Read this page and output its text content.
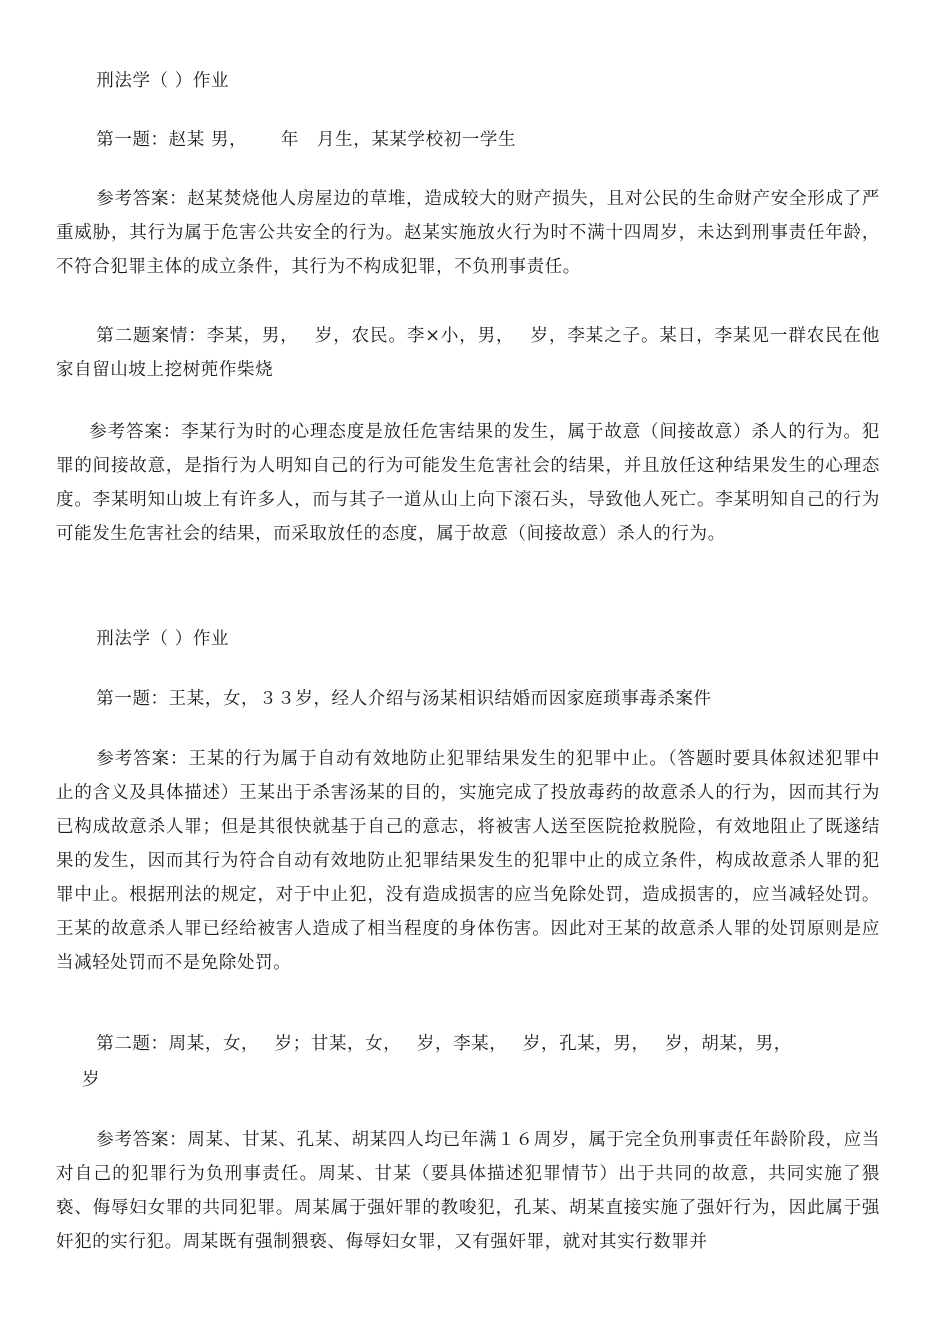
刑法学（ ）作业
第一题：赵某 男，　　 年　月生，某某学校初一学生
参考答案：赵某焚烧他人房屋边的草堆，造成较大的财产损失，且对公民的生命财产安全形成了严重威胁，其行为属于危害公共安全的行为。赵某实施放火行为时不满十四周岁，未达到刑事责任年龄，不符合犯罪主体的成立条件，其行为不构成犯罪，不负刑事责任。
第二题案情：李某，男，　 岁，农民。李×小，男，　 岁，李某之子。某日，李某见一群农民在他家自留山坡上挖树蔸作柴烧
参考答案：李某行为时的心理态度是放任危害结果的发生，属于故意（间接故意）杀人的行为。犯罪的间接故意，是指行为人明知自己的行为可能发生危害社会的结果，并且放任这种结果发生的心理态度。李某明知山坡上有许多人，而与其子一道从山上向下滚石头，导致他人死亡。李某明知自己的行为可能发生危害社会的结果，而采取放任的态度，属于故意（间接故意）杀人的行为。
刑法学（ ）作业
第一题：王某，女，３３岁，经人介绍与汤某相识结婚而因家庭琐事毒杀案件
参考答案：王某的行为属于自动有效地防止犯罪结果发生的犯罪中止。（答题时要具体叙述犯罪中止的含义及具体描述）王某出于杀害汤某的目的，实施完成了投放毒药的故意杀人的行为，因而其行为已构成故意杀人罪；但是其很快就基于自己的意志，将被害人送至医院抢救脱险，有效地阻止了既遂结果的发生，因而其行为符合自动有效地防止犯罪结果发生的犯罪中止的成立条件，构成故意杀人罪的犯罪中止。根据刑法的规定，对于中止犯，没有造成损害的应当免除处罚，造成损害的，应当减轻处罚。王某的故意杀人罪已经给被害人造成了相当程度的身体伤害。因此对王某的故意杀人罪的处罚原则是应当减轻处罚而不是免除处罚。
第二题：周某，女，　 岁；甘某，女，　 岁，李某，　 岁，孔某，男，　 岁，胡某，男，
岁
参考答案：周某、甘某、孔某、胡某四人均已年满１６周岁，属于完全负刑事责任年龄阶段，应当对自己的犯罪行为负刑事责任。周某、甘某（要具体描述犯罪情节）出于共同的故意，共同实施了猥亵、侮辱妇女罪的共同犯罪。周某属于强奸罪的教唆犯，孔某、胡某直接实施了强奸行为，因此属于强奸犯的实行犯。周某既有强制猥亵、侮辱妇女罪，又有强奸罪，就对其实行数罪并
